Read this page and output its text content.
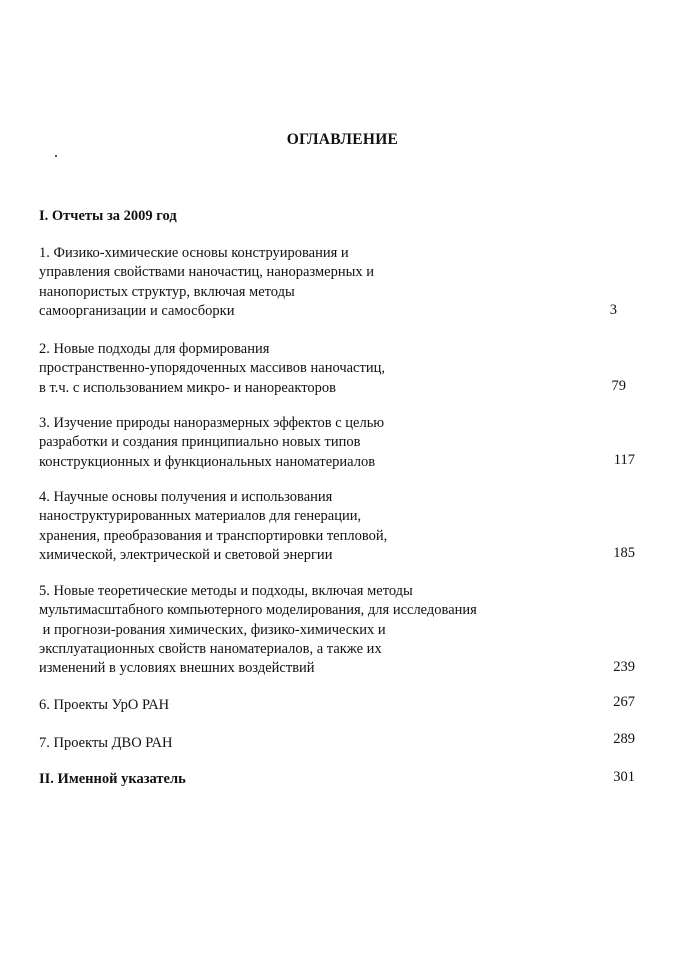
ОГЛАВЛЕНИЕ
I. Отчеты за 2009 год
1. Физико-химические основы конструирования и
управления свойствами наночастиц, наноразмерных и
нанопористых структур, включая методы
самоорганизации и самосборки	3
2. Новые подходы для формирования
пространственно-упорядоченных массивов наночастиц,
в т.ч. с использованием микро- и нанореакторов	79
3. Изучение природы наноразмерных эффектов с целью
разработки и создания принципиально новых типов
конструкционных и функциональных наноматериалов	117
4. Научные основы получения и использования
наноструктурированных материалов для генерации,
хранения, преобразования и транспортировки тепловой,
химической, электрической и световой энергии	185
5. Новые теоретические методы и подходы, включая методы
мультимасштабного компьютерного моделирования, для исследования
и прогнози-рования химических, физико-химических и
эксплуатационных свойств наноматериалов, а также их
изменений в условиях внешних воздействий	239
6. Проекты УрО РАН	267
7. Проекты ДВО РАН	289
II. Именной указатель	301
